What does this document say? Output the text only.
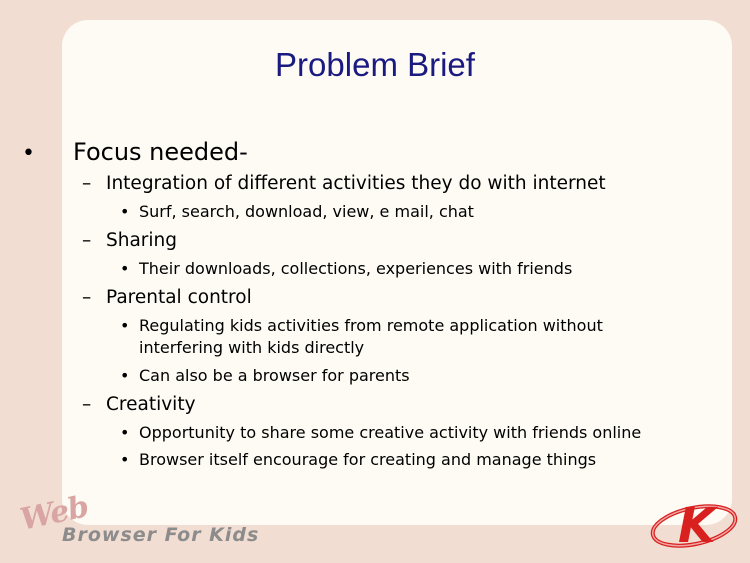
Problem Brief
• Focus needed-
– Integration of different activities they do with internet
• Surf, search, download, view, e mail, chat
– Sharing
• Their downloads, collections, experiences with friends
– Parental control
• Regulating kids activities from remote application without interfering with kids directly
• Can also be a browser for parents
– Creativity
• Opportunity to share some creative activity with friends online
• Browser itself encourage for creating and manage things
Web
Browser For Kids	K
